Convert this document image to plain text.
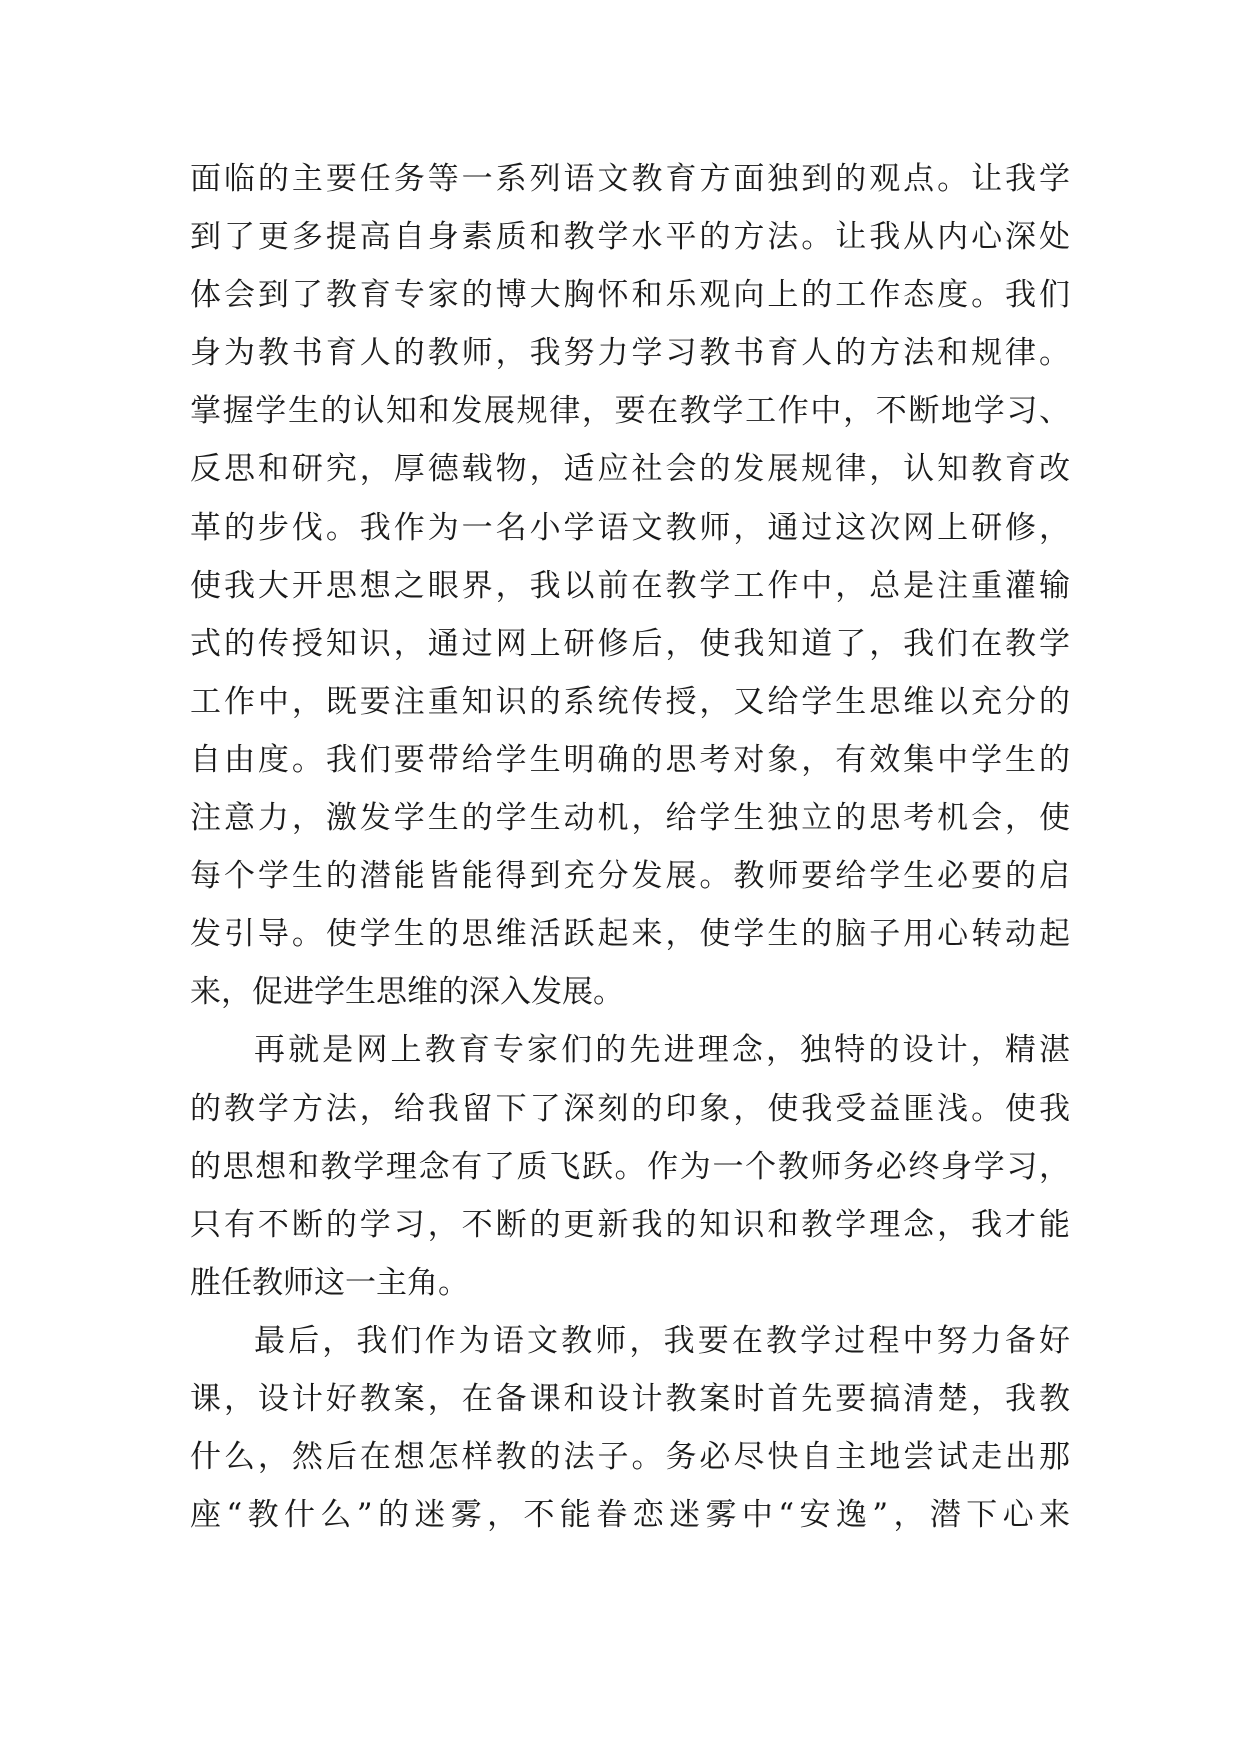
面临的主要任务等一系列语文教育方面独到的观点。让我学
到了更多提高自身素质和教学水平的方法。让我从内心深处
体会到了教育专家的博大胸怀和乐观向上的工作态度。我们
身为教书育人的教师，我努力学习教书育人的方法和规律。
掌握学生的认知和发展规律，要在教学工作中，不断地学习、
反思和研究，厚德载物，适应社会的发展规律，认知教育改
革的步伐。我作为一名小学语文教师，通过这次网上研修，
使我大开思想之眼界，我以前在教学工作中，总是注重灌输
式的传授知识，通过网上研修后，使我知道了，我们在教学
工作中，既要注重知识的系统传授，又给学生思维以充分的
自由度。我们要带给学生明确的思考对象，有效集中学生的
注意力，激发学生的学生动机，给学生独立的思考机会，使
每个学生的潜能皆能得到充分发展。教师要给学生必要的启
发引导。使学生的思维活跃起来，使学生的脑子用心转动起
来，促进学生思维的深入发展。
再就是网上教育专家们的先进理念，独特的设计，精湛
的教学方法，给我留下了深刻的印象，使我受益匪浅。使我
的思想和教学理念有了质飞跃。作为一个教师务必终身学习，
只有不断的学习，不断的更新我的知识和教学理念，我才能
胜任教师这一主角。
最后，我们作为语文教师，我要在教学过程中努力备好
课，设计好教案，在备课和设计教案时首先要搞清楚，我教
什么，然后在想怎样教的法子。务必尽快自主地尝试走出那
座“教什么”的迷雾，不能眷恋迷雾中“安逸”，潜下心来
